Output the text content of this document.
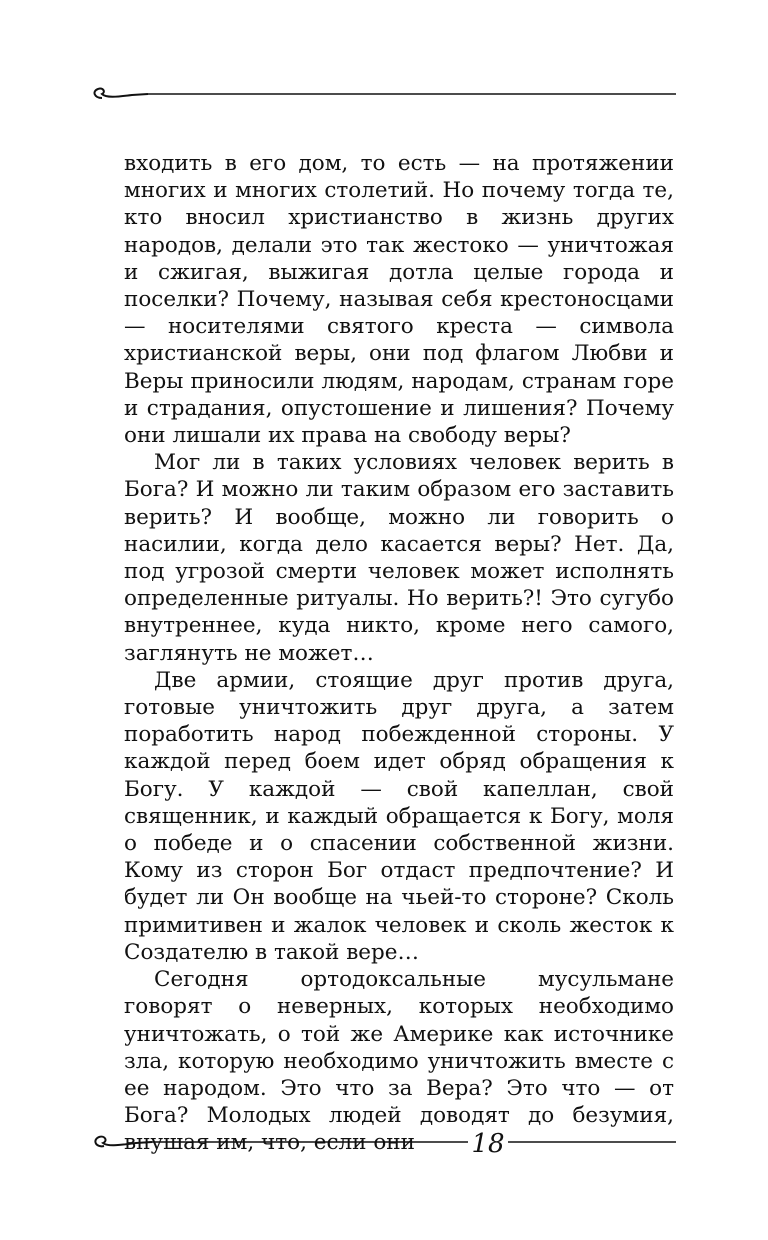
входить в его дом, то есть — на протяжении многих и многих столетий. Но почему тогда те, кто вносил христианство в жизнь других народов, делали это так жестоко — уничтожая и сжигая, выжигая дотла целые города и поселки? Почему, называя себя крестоносцами — носителями святого креста — символа христианской веры, они под флагом Любви и Веры приносили людям, народам, странам горе и страдания, опустошение и лишения? Почему они лишали их права на свободу веры?

Мог ли в таких условиях человек верить в Бога? И можно ли таким образом его заставить верить? И вообще, можно ли говорить о насилии, когда дело касается веры? Нет. Да, под угрозой смерти человек может исполнять определенные ритуалы. Но верить?! Это сугубо внутреннее, куда никто, кроме него самого, заглянуть не может…

Две армии, стоящие друг против друга, готовые уничтожить друг друга, а затем поработить народ побежденной стороны. У каждой перед боем идет обряд обращения к Богу. У каждой — свой капеллан, свой священник, и каждый обращается к Богу, моля о победе и о спасении собственной жизни. Кому из сторон Бог отдаст предпочтение? И будет ли Он вообще на чьей-то стороне? Сколь примитивен и жалок человек и сколь жесток к Создателю в такой вере…

Сегодня ортодоксальные мусульмане говорят о неверных, которых необходимо уничтожать, о той же Америке как источнике зла, которую необходимо уничтожить вместе с ее народом. Это что за Вера? Это что — от Бога? Молодых людей доводят до безумия, внушая им, что, если они	18
